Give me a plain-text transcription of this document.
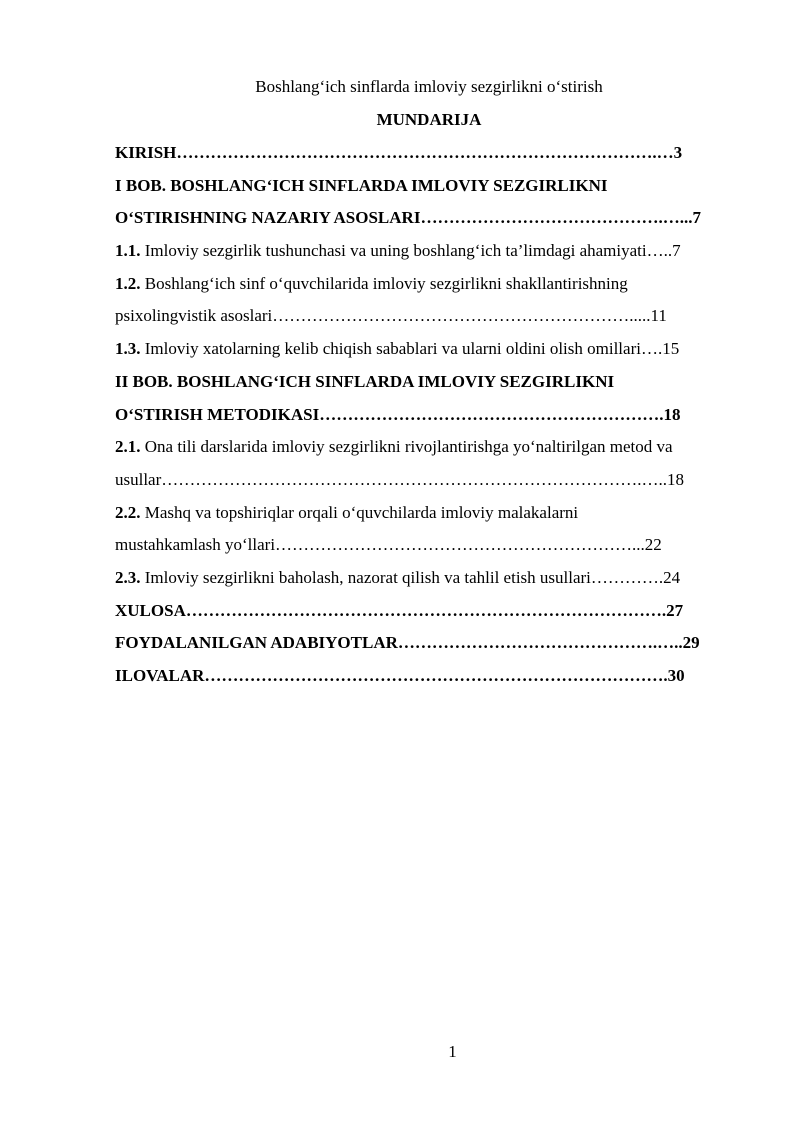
Boshlang‘ich sinflarda imloviy sezgirlikni o‘stirish
MUNDARIJA
KIRISH………………………………………………………………………….…3
I BOB. BOSHLANG‘ICH SINFLARDA IMLOVIY SEZGIRLIKNI
O‘STIRISHNING NAZARIY ASOSLARI…………………………………….…...7
1.1. Imloviy sezgirlik tushunchasi va uning boshlang‘ich ta’limdagi ahamiyati…..7
1.2. Boshlang‘ich sinf o‘quvchilarida imloviy sezgirlikni shakllantirishning
psixolingvistik asoslari……………………………………………………….....11
1.3. Imloviy xatolarning kelib chiqish sabablari va ularni oldini olish omillari….15
II BOB. BOSHLANG‘ICH SINFLARDA IMLOVIY SEZGIRLIKNI
O‘STIRISH METODIKASI…………………………………………………….18
2.1. Ona tili darslarida imloviy sezgirlikni rivojlantirishga yo‘naltirilgan metod va
usullar………………………………………………………………………….…..18
2.2. Mashq va topshiriqlar orqali o‘quvchilarda imloviy malakalarni
mustahkamlash yo‘llari………………………………………………………...22
2.3. Imloviy sezgirlikni baholash, nazorat qilish va tahlil etish usullari………….24
XULOSA………………………………………………………………………….27
FOYDALANILGAN ADABIYOTLAR……………………………………….…..29
ILOVALAR……………………………………………………………………….30
1
